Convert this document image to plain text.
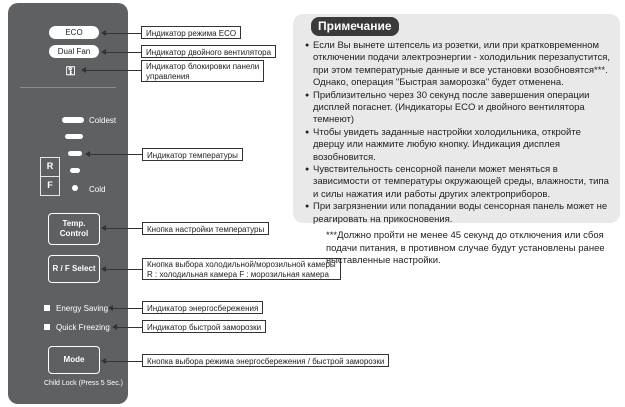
ECO
Dual Fan
⚿
Coldest
Cold
R
F
Temp. Control
R / F Select
Energy Saving
Quick Freezing
Mode
Child Lock (Press 5 Sec.)
Индикатор режима ECO
Индикатор двойного вентилятора
Индикатор блокировки панели
управления
Индикатор температуры
Кнопка настройки температуры
Кнопка выбора холодильной/морозильной камеры
R : холодильная камера F : морозильная камера
Индикатор энергосбережения
Индикатор быстрой заморозки
Кнопка выбора режима энергосбережения / быстрой заморозки
Примечание
● Если Вы вынете штепсель из розетки, или при кратковременном отключении подачи электроэнергии - холодильник перезапустится, при этом температурные данные и все установки возобновятся***. Однако, операция "Быстрая заморозка" будет отменена.
● Приблизительно через 30 секунд после завершения операции дисплей погаснет. (Индикаторы ECO и двойного вентилятора темнеют)
● Чтобы увидеть заданные настройки холодильника, откройте дверцу или нажмите любую кнопку. Индикация дисплея возобновится.
● Чувствительность сенсорной панели может меняться в зависимости от температуры окружающей среды, влажности, типа и силы нажатия или работы других электроприборов.
● При загрязнении или попадании воды сенсорная панель может не реагировать на прикосновения.
***Должно пройти не менее 45 секунд до отключения или сбоя подачи питания, в противном случае будут установлены ранее выставленные настройки.
